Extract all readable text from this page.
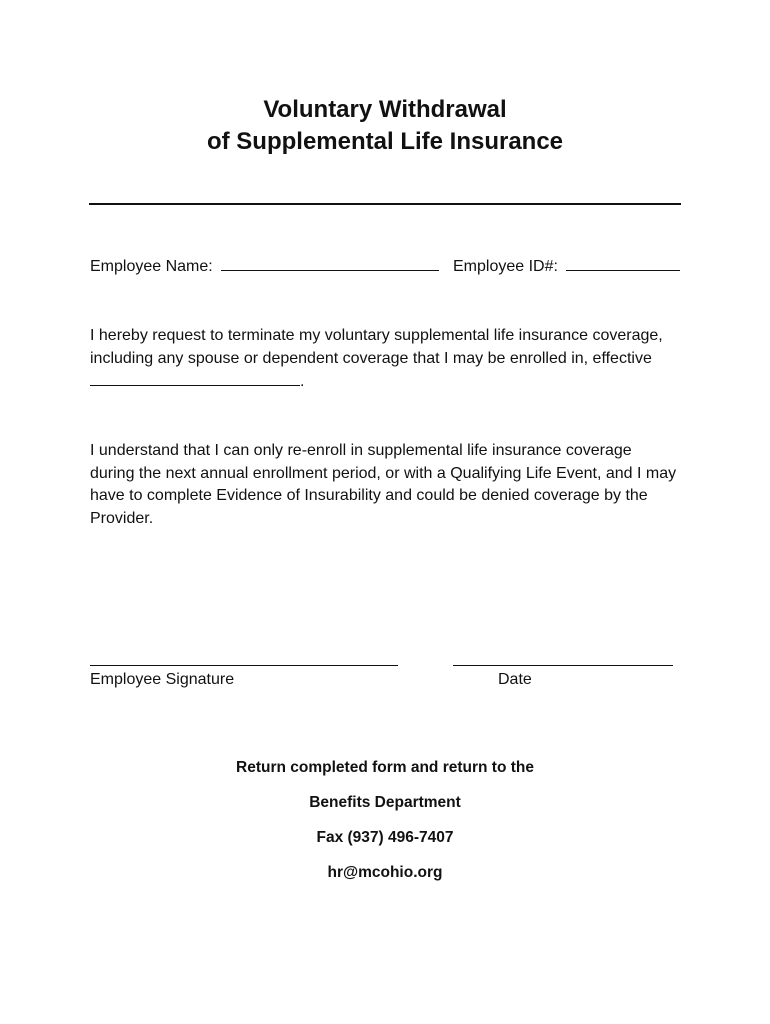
Voluntary Withdrawal
of Supplemental Life Insurance
Employee Name:	Employee ID#:

I hereby request to terminate my voluntary supplemental life insurance coverage, including any spouse or dependent coverage that I may be enrolled in, effective

.

I understand that I can only re-enroll in supplemental life insurance coverage during the next annual enrollment period, or with a Qualifying Life Event, and I may have to complete Evidence of Insurability and could be denied coverage by the Provider.

Employee Signature	Date
Return completed form and return to the
Benefits Department
Fax (937) 496-7407
hr@mcohio.org
